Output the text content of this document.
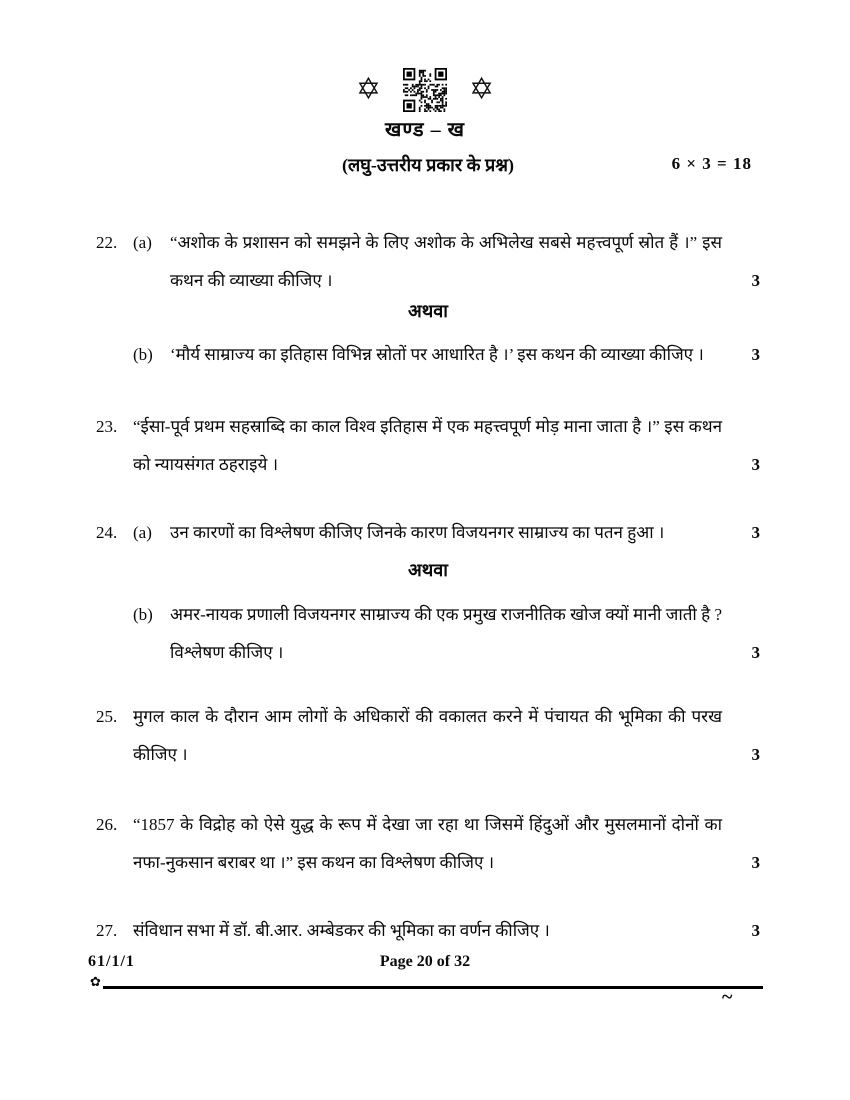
✡	✡
खण्ड – ख
(लघु-उत्तरीय प्रकार के प्रश्न)	6 × 3 = 18
22. (a)	“अशोक के प्रशासन को समझने के लिए अशोक के अभिलेख सबसे महत्त्वपूर्ण स्रोत हैं ।” इस कथन की व्याख्या कीजिए ।	3
अथवा
(b)	‘मौर्य साम्राज्य का इतिहास विभिन्न स्रोतों पर आधारित है ।’ इस कथन की व्याख्या कीजिए ।	3
23. “ईसा-पूर्व प्रथम सहस्राब्दि का काल विश्व इतिहास में एक महत्त्वपूर्ण मोड़ माना जाता है ।” इस कथन को न्यायसंगत ठहराइये ।	3
24. (a)	उन कारणों का विश्लेषण कीजिए जिनके कारण विजयनगर साम्राज्य का पतन हुआ ।	3
अथवा
(b)	अमर-नायक प्रणाली विजयनगर साम्राज्य की एक प्रमुख राजनीतिक खोज क्यों मानी जाती है ? विश्लेषण कीजिए ।	3
25. मुगल काल के दौरान आम लोगों के अधिकारों की वकालत करने में पंचायत की भूमिका की परख कीजिए ।	3
26. “1857 के विद्रोह को ऐसे युद्ध के रूप में देखा जा रहा था जिसमें हिंदुओं और मुसलमानों दोनों का नफा-नुकसान बराबर था ।” इस कथन का विश्लेषण कीजिए ।	3
27. संविधान सभा में डॉ. बी.आर. अम्बेडकर की भूमिका का वर्णन कीजिए ।	3
61/1/1	Page 20 of 32
✿
~
